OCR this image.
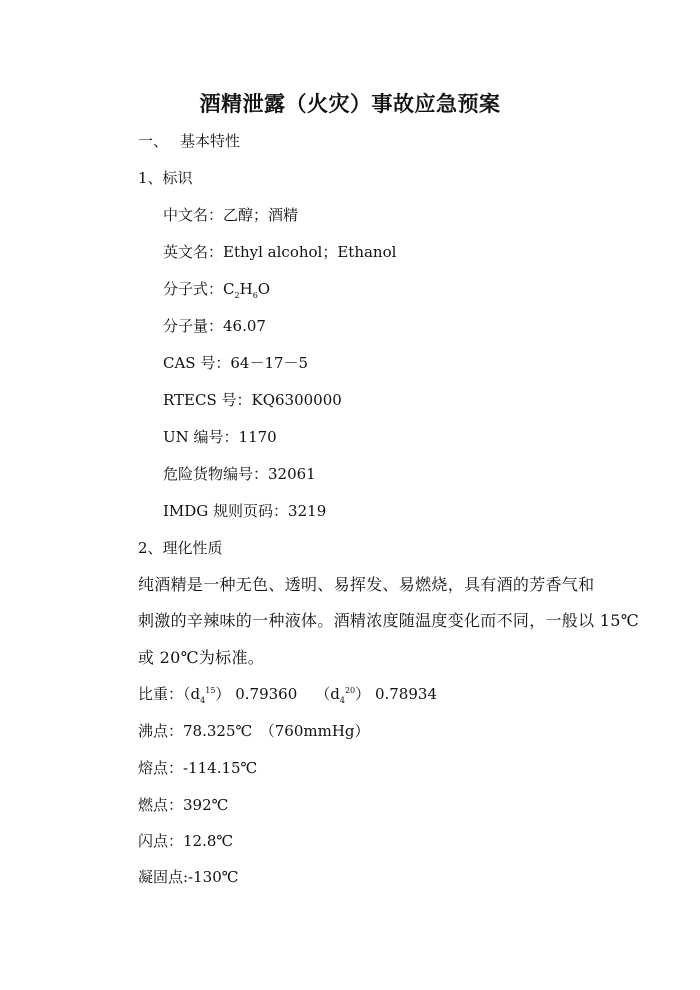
酒精泄露（火灾）事故应急预案
一、 基本特性
1、标识
中文名：乙醇；酒精
英文名：Ethyl alcohol；Ethanol
分子式：$C_2H_6O$
分子量：46.07
CAS 号：64－17－5
RTECS 号：KQ6300000
UN 编号：1170
危险货物编号：32061
IMDG 规则页码：3219
2、理化性质
纯酒精是一种无色、透明、易挥发、易燃烧，具有酒的芳香气和
刺激的辛辣味的一种液体。酒精浓度随温度变化而不同，一般以 15℃
或 20℃为标准。
比重：$(d_4^{15})$ 0.79360 $(d_4^{20})$ 0.78934
沸点：78.325℃　（760mmHg）
熔点：-114.15℃
燃点：392℃
闪点：12.8℃
凝固点:-130℃
